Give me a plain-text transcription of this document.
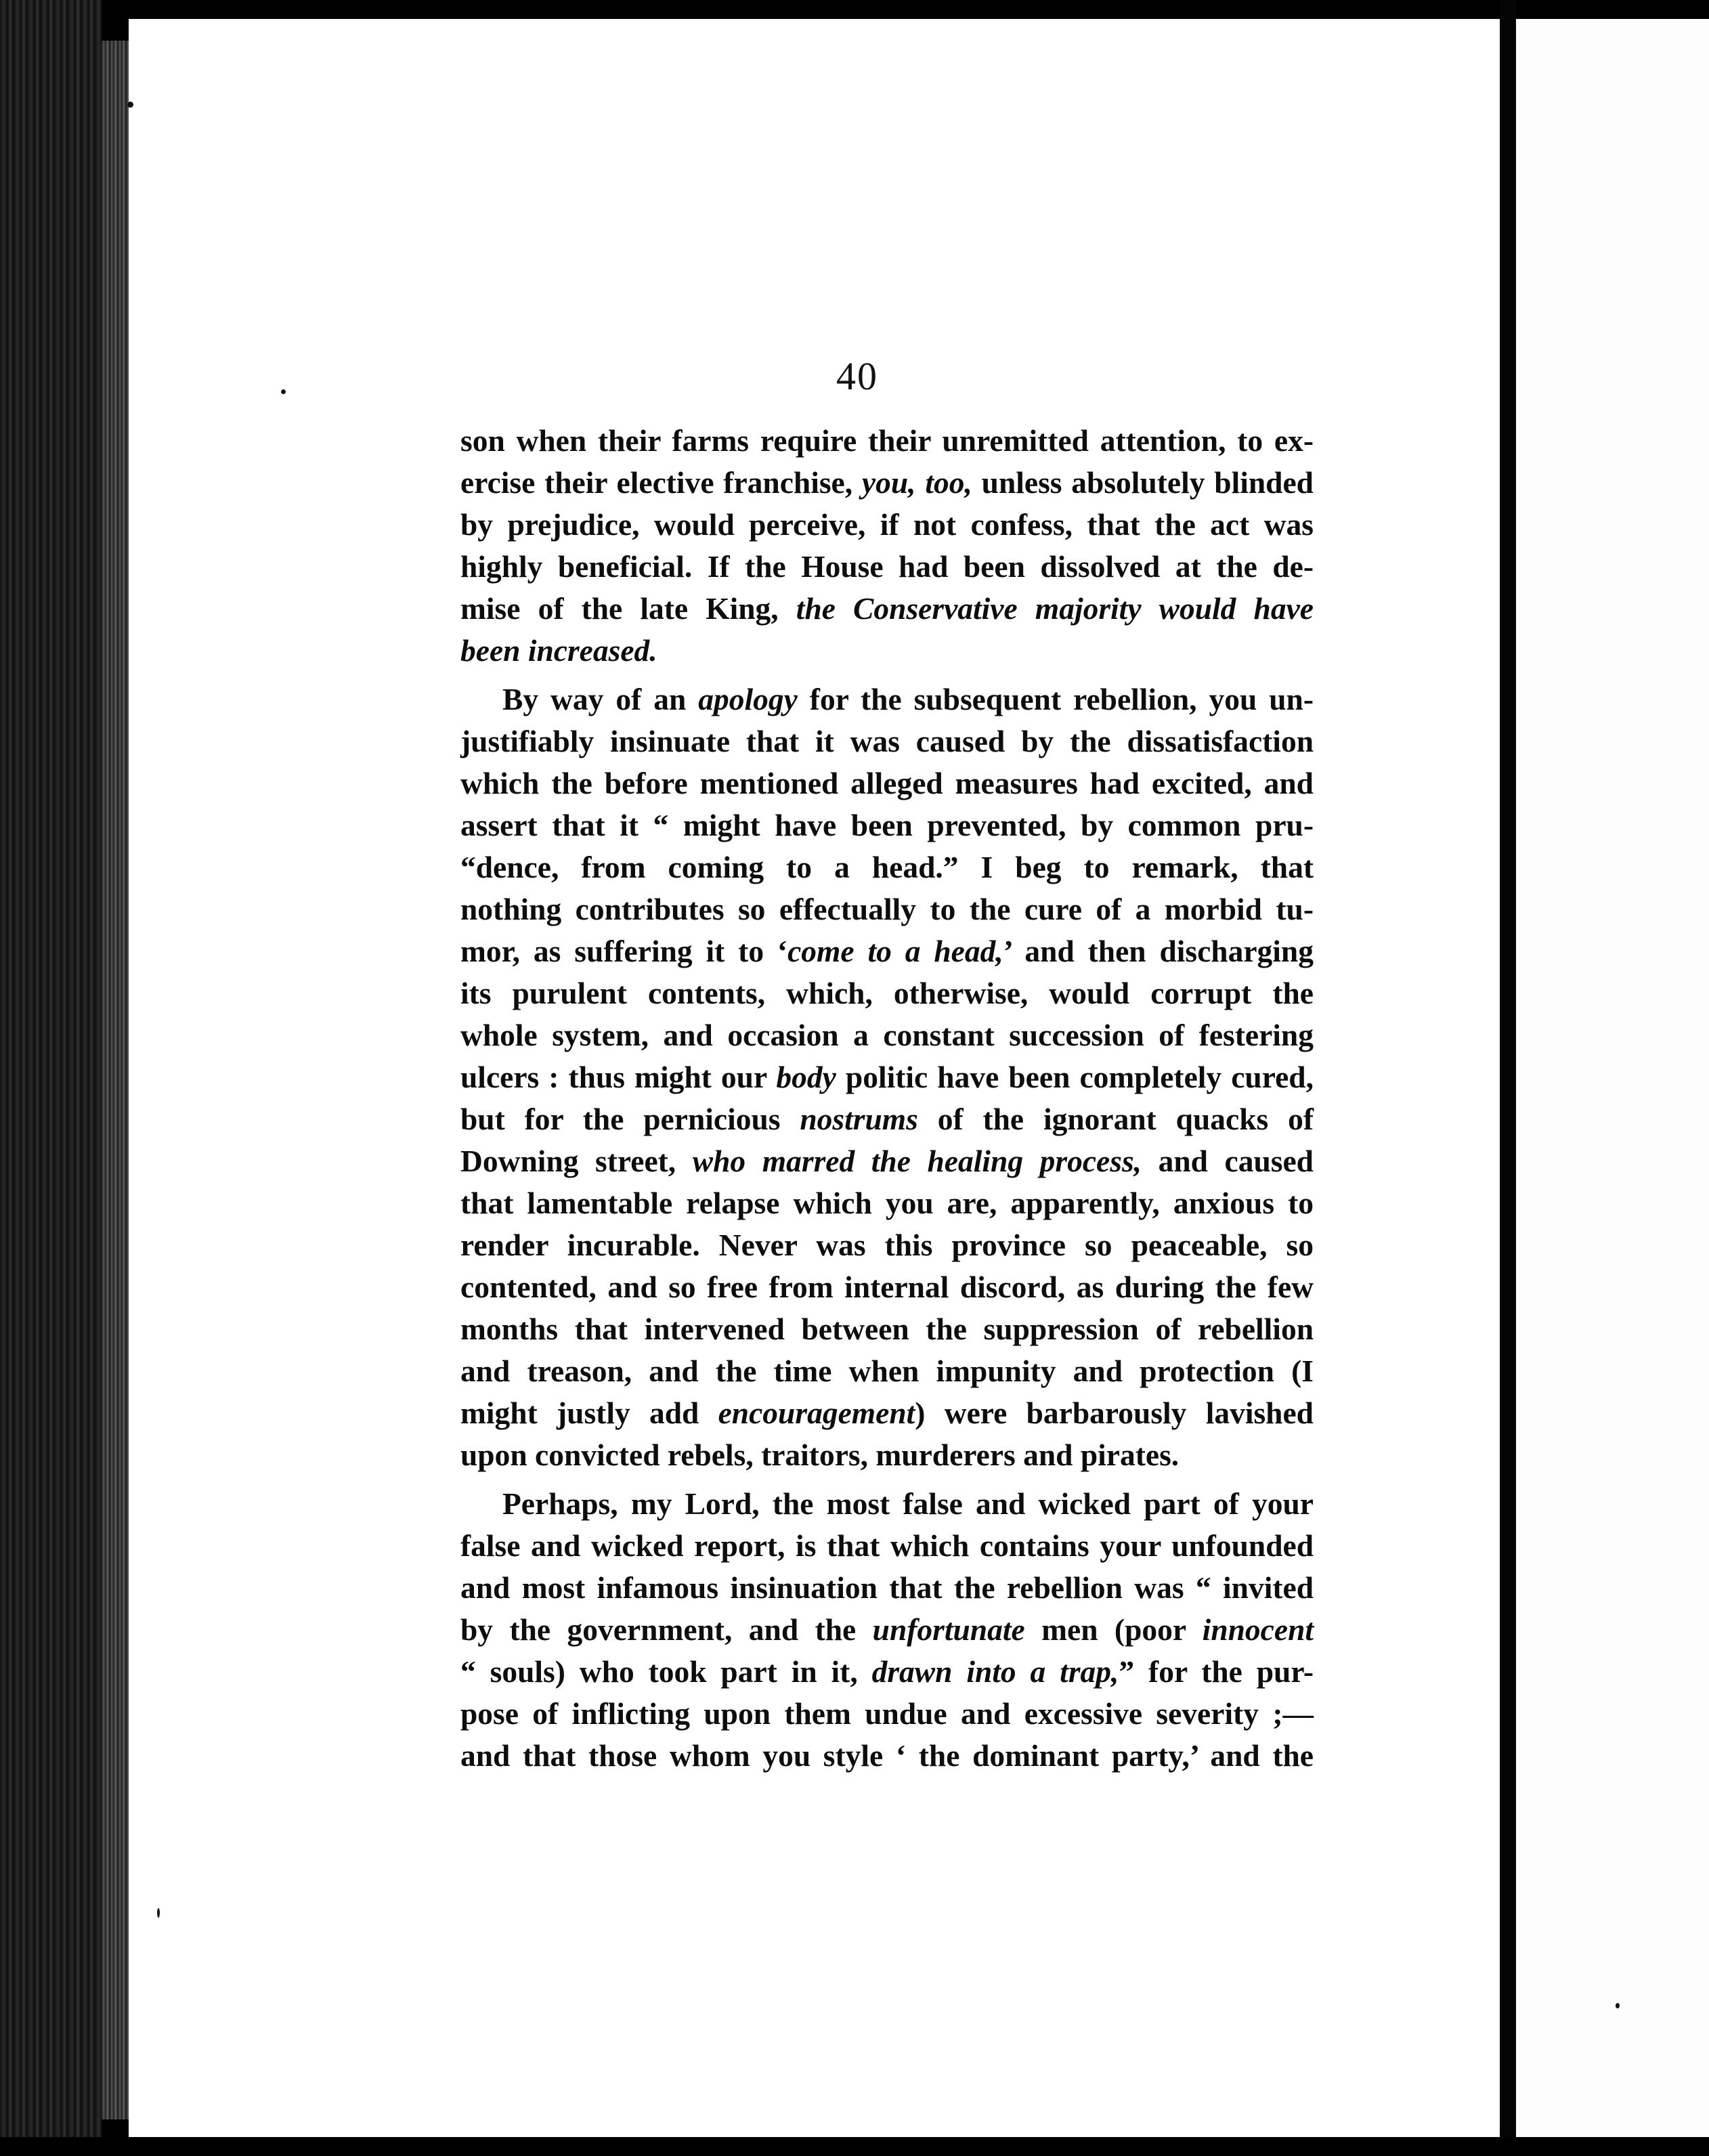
40
son when their farms require their unremitted attention, to ex-
ercise their elective franchise, you, too, unless absolutely blinded
by prejudice, would perceive, if not confess, that the act was
highly beneficial. If the House had been dissolved at the de-
mise of the late King, the Conservative majority would have
been increased.
By way of an apology for the subsequent rebellion, you un-
justifiably insinuate that it was caused by the dissatisfaction
which the before mentioned alleged measures had excited, and
assert that it “ might have been prevented, by common pru-
“dence, from coming to a head.” I beg to remark, that
nothing contributes so effectually to the cure of a morbid tu-
mor, as suffering it to ‘come to a head,’ and then discharging
its purulent contents, which, otherwise, would corrupt the
whole system, and occasion a constant succession of festering
ulcers : thus might our body politic have been completely cured,
but for the pernicious nostrums of the ignorant quacks of
Downing street, who marred the healing process, and caused
that lamentable relapse which you are, apparently, anxious to
render incurable. Never was this province so peaceable, so
contented, and so free from internal discord, as during the few
months that intervened between the suppression of rebellion
and treason, and the time when impunity and protection (I
might justly add encouragement) were barbarously lavished
upon convicted rebels, traitors, murderers and pirates.
Perhaps, my Lord, the most false and wicked part of your
false and wicked report, is that which contains your unfounded
and most infamous insinuation that the rebellion was “ invited
by the government, and the unfortunate men (poor innocent
“ souls) who took part in it, drawn into a trap,” for the pur-
pose of inflicting upon them undue and excessive severity ;—
and that those whom you style ‘ the dominant party,’ and the
